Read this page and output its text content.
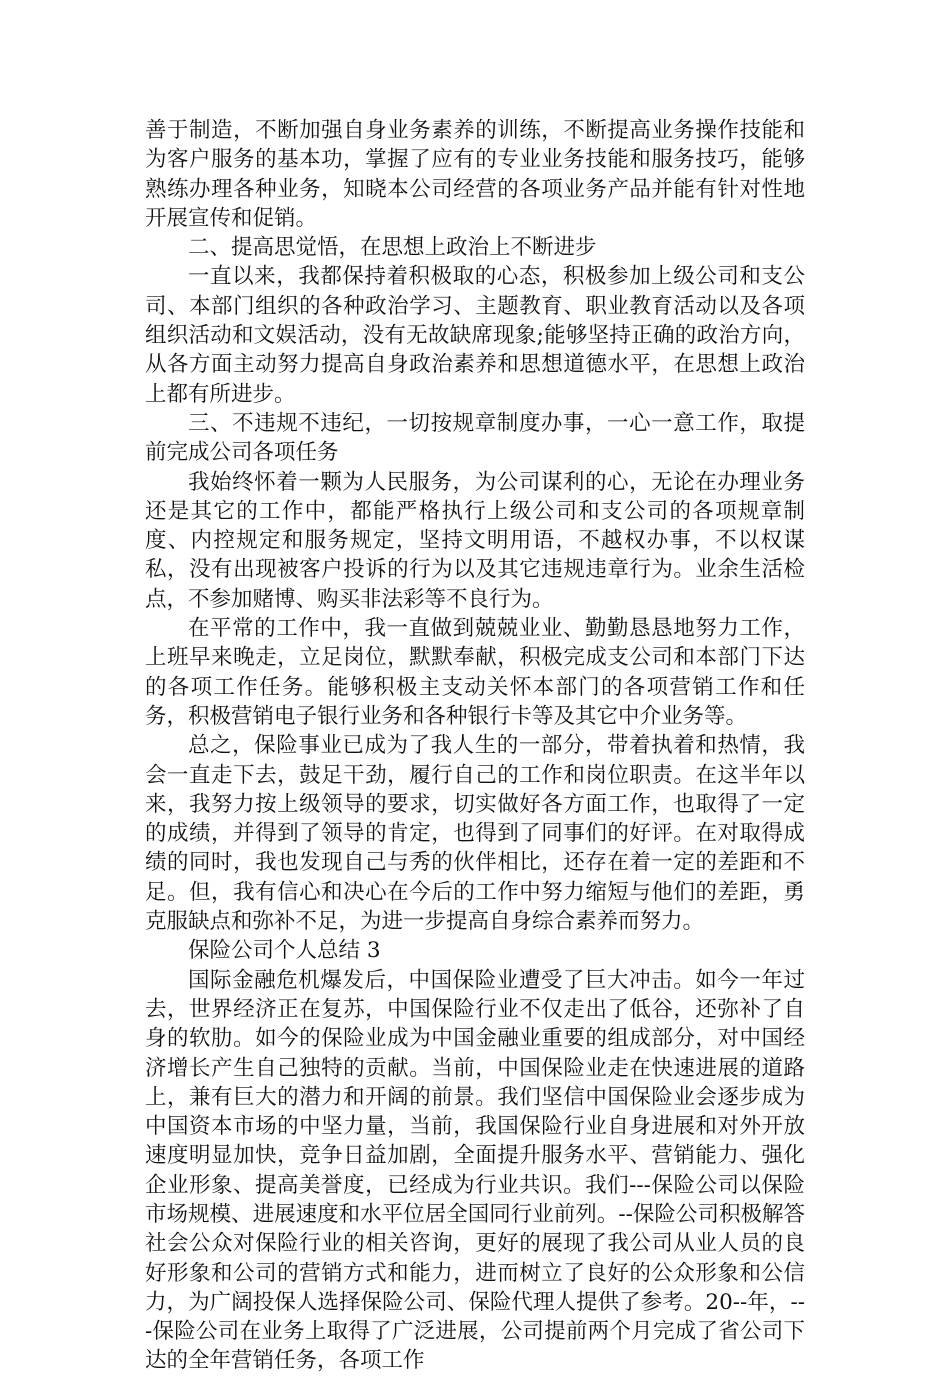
善于制造，不断加强自身业务素养的训练，不断提高业务操作技能和为客户服务的基本功，掌握了应有的专业业务技能和服务技巧，能够熟练办理各种业务，知晓本公司经营的各项业务产品并能有针对性地开展宣传和促销。

二、提高思觉悟，在思想上政治上不断进步

一直以来，我都保持着积极取的心态，积极参加上级公司和支公司、本部门组织的各种政治学习、主题教育、职业教育活动以及各项组织活动和文娱活动，没有无故缺席现象;能够坚持正确的政治方向，从各方面主动努力提高自身政治素养和思想道德水平，在思想上政治上都有所进步。

三、不违规不违纪，一切按规章制度办事，一心一意工作，取提前完成公司各项任务

我始终怀着一颗为人民服务，为公司谋利的心，无论在办理业务还是其它的工作中，都能严格执行上级公司和支公司的各项规章制度、内控规定和服务规定，坚持文明用语，不越权办事，不以权谋私，没有出现被客户投诉的行为以及其它违规违章行为。业余生活检点，不参加赌博、购买非法彩等不良行为。

在平常的工作中，我一直做到兢兢业业、勤勤恳恳地努力工作，上班早来晚走，立足岗位，默默奉献，积极完成支公司和本部门下达的各项工作任务。能够积极主支动关怀本部门的各项营销工作和任务，积极营销电子银行业务和各种银行卡等及其它中介业务等。

总之，保险事业已成为了我人生的一部分，带着执着和热情，我会一直走下去，鼓足干劲，履行自己的工作和岗位职责。在这半年以来，我努力按上级领导的要求，切实做好各方面工作，也取得了一定的成绩，并得到了领导的肯定，也得到了同事们的好评。在对取得成绩的同时，我也发现自己与秀的伙伴相比，还存在着一定的差距和不足。但，我有信心和决心在今后的工作中努力缩短与他们的差距，勇克服缺点和弥补不足，为进一步提高自身综合素养而努力。

保险公司个人总结 3

国际金融危机爆发后，中国保险业遭受了巨大冲击。如今一年过去，世界经济正在复苏，中国保险行业不仅走出了低谷，还弥补了自身的软肋。如今的保险业成为中国金融业重要的组成部分，对中国经济增长产生自己独特的贡献。当前，中国保险业走在快速进展的道路上，兼有巨大的潜力和开阔的前景。我们坚信中国保险业会逐步成为中国资本市场的中坚力量，当前，我国保险行业自身进展和对外开放速度明显加快，竞争日益加剧，全面提升服务水平、营销能力、强化企业形象、提高美誉度，已经成为行业共识。我们---保险公司以保险市场规模、进展速度和水平位居全国同行业前列。--保险公司积极解答社会公众对保险行业的相关咨询，更好的展现了我公司从业人员的良好形象和公司的营销方式和能力，进而树立了良好的公众形象和公信力，为广阔投保人选择保险公司、保险代理人提供了参考。20--年，---保险公司在业务上取得了广泛进展，公司提前两个月完成了省公司下达的全年营销任务，各项工作
